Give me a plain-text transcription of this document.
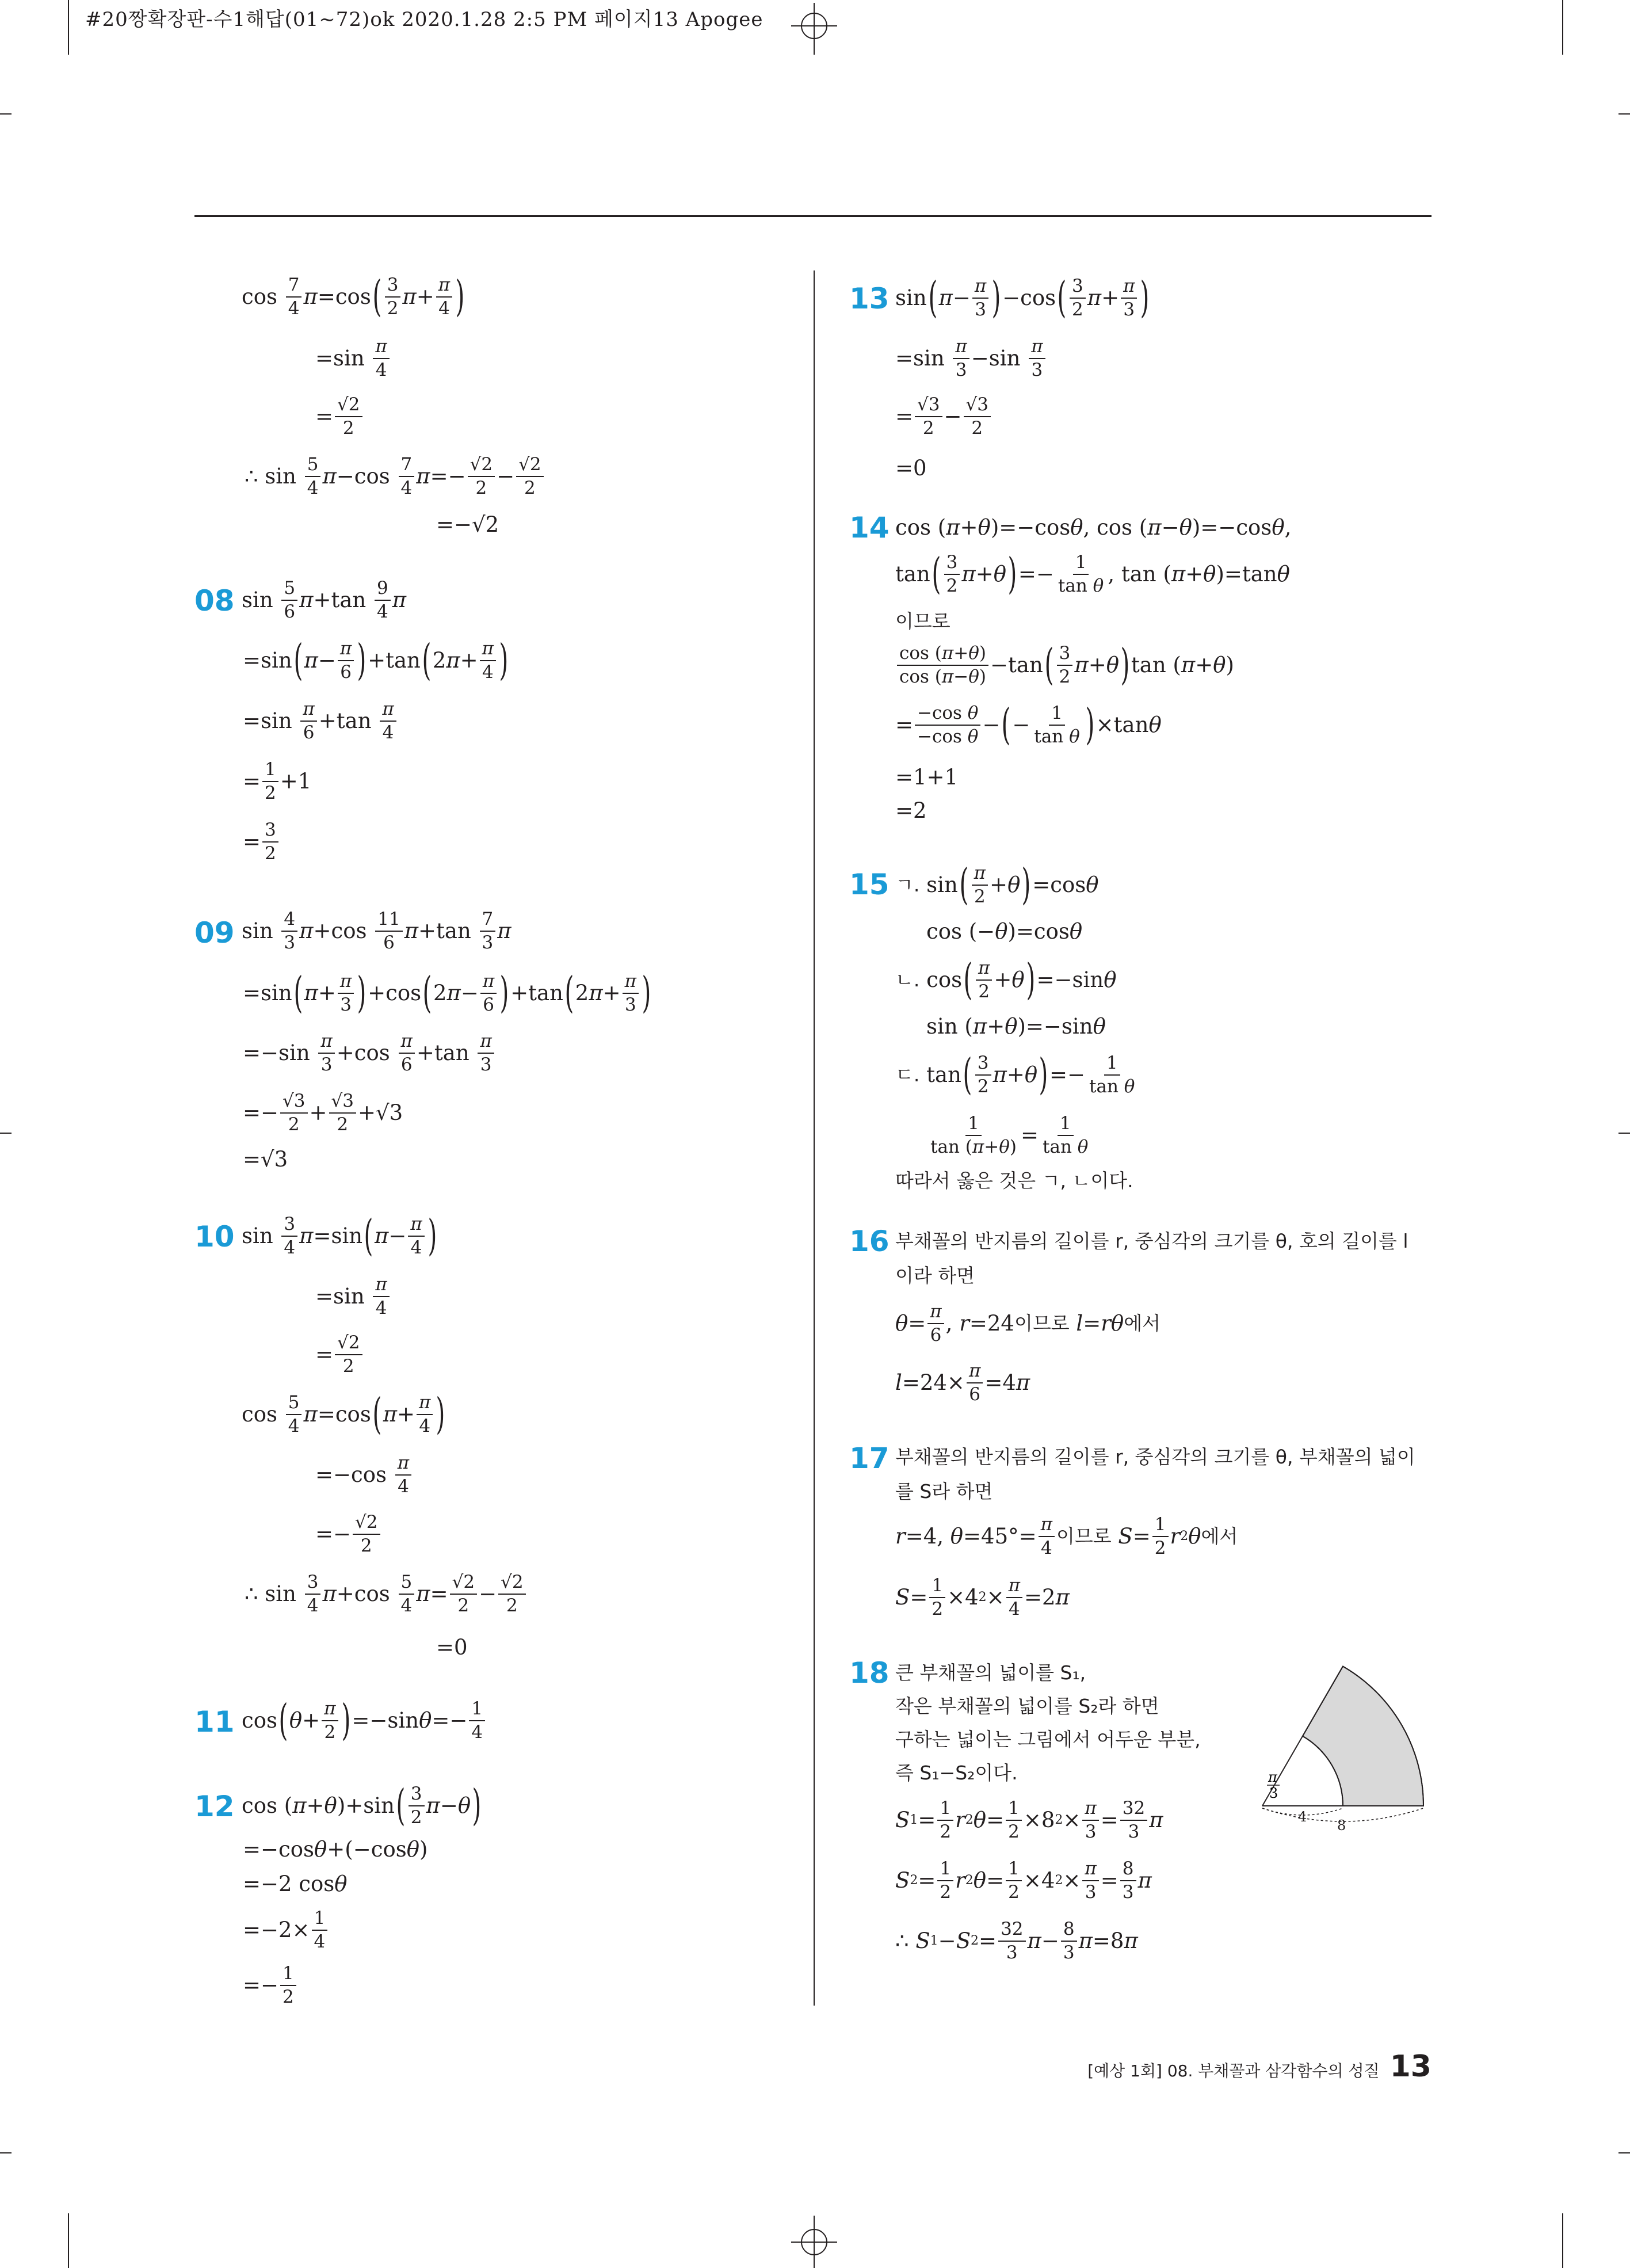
#20짱확장판-수1해답(01~72)ok 2020.1.28 2:5 PM 페이지13 Apogee
cos 7
4 π =cos ( 3
2 π + π
4 )
=sin π
4
= √2
2
∴ sin 5
4 π −cos 7
4 π =− √2
2 − √2
2
=−√2
08 sin 5
6 π +tan 9
4 π
=sin ( π − π
6 ) +tan ( 2 π + π
4 )
=sin π
6 +tan π
4
= 1
2 +1
= 3
2
09 sin 4
3 π +cos 11
6 π +tan 7
3 π
=sin ( π + π
3 ) +cos ( 2 π − π
6 ) +tan ( 2 π + π
3 )
=−sin π
3 +cos π
6 +tan π
3
=− √3
2 + √3
2 +√3
=√3
10 sin 3
4 π =sin ( π − π
4 )
=sin π
4
= √2
2
cos 5
4 π =cos ( π + π
4 )
=−cos π
4
=− √2
2
∴ sin 3
4 π +cos 5
4 π = √2
2 − √2
2
=0
11 cos ( θ + π
2 ) =−sin θ =− 1
4
12 cos ( π + θ )+sin ( 3
2 π − θ )
=−cos θ +(−cos θ )
=−2 cos θ
=−2× 1
4
=− 1
2
13 sin ( π − π
3 ) −cos ( 3
2 π + π
3 )
=sin π
3 −sin π
3
= √3
2 − √3
2
=0
14 cos ( π + θ )=−cos θ , cos ( π − θ )=−cos θ ,
tan ( 3
2 π + θ ) =− 1
tan θ , tan ( π + θ )=tan θ
이므로
cos (π+θ)
cos (π−θ) −tan ( 3
2 π + θ ) tan ( π + θ )
= −cos θ
−cos θ − ( − 1
tan θ ) ×tan θ
=1+1
=2
15 ㄱ. sin ( π
2 + θ ) =cos θ
cos (− θ )=cos θ
ㄴ. cos ( π
2 + θ ) =−sin θ
sin ( π + θ )=−sin θ
ㄷ. tan ( 3
2 π + θ ) =− 1
tan θ
1
tan (π+θ) = 1
tan θ
따라서 옳은 것은 ㄱ, ㄴ이다.
16 부채꼴의 반지름의 길이를 r, 중심각의 크기를 θ, 호의 길이를 l
이라 하면
θ = π
6 , r =24 이므로
l = rθ 에서
l =24× π
6 =4 π
17 부채꼴의 반지름의 길이를 r, 중심각의 크기를 θ, 부채꼴의 넓이
를 S라 하면
r =4, θ =45°= π
4
이므로
S = 1
2 r 2 θ 에서
S = 1
2 ×4 2 × π
4 =2 π
18 큰 부채꼴의 넓이를 S₁,
작은 부채꼴의 넓이를 S₂라 하면
구하는 넓이는 그림에서 어두운 부분,
즉 S₁−S₂이다.
S 1 = 1
2 r 2 θ = 1
2 ×8 2 × π
3 = 32
3 π
S 2 = 1
2 r 2 θ = 1
2 ×4 2 × π
3 = 8
3 π
∴ S 1 − S 2 = 32
3 π − 8
3 π =8 π
π
3
4
8
[예상 1회] 08. 부채꼴과 삼각함수의 성질 13
